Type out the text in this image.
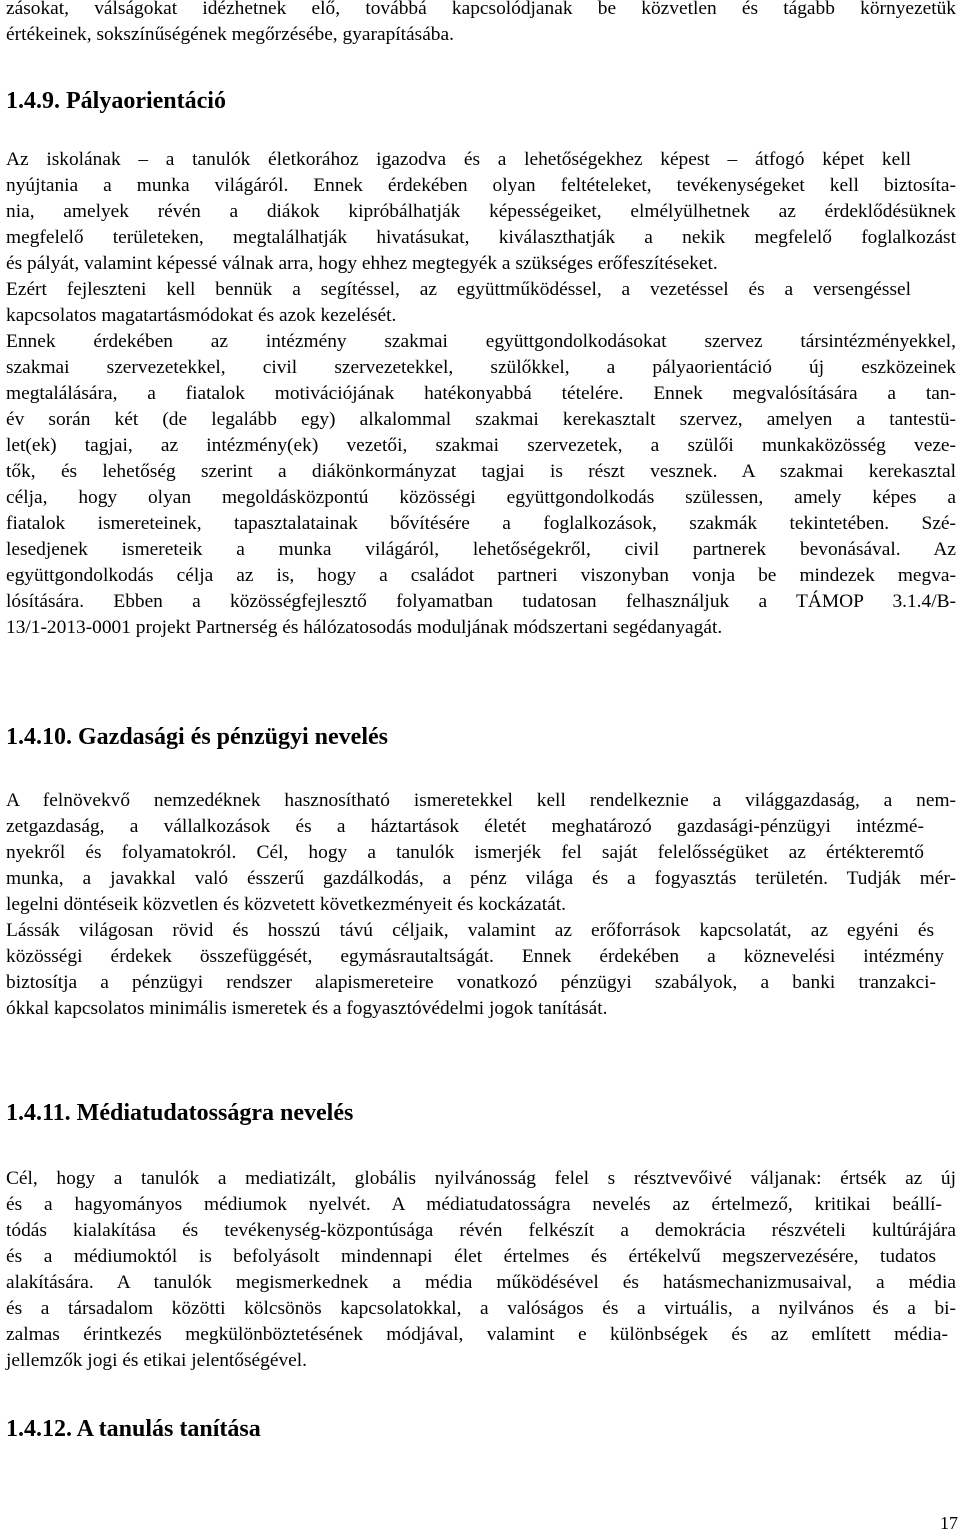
zásokat, válságokat idézhetnek elő, továbbá kapcsolódjanak be közvetlen és tágabb környezetük

értékeinek, sokszínűségének megőrzésébe, gyarapításába.

1.4.9. Pályaorientáció

Az iskolának – a tanulók életkorához igazodva és a lehetőségekhez képest – átfogó képet kell

nyújtania a munka világáról. Ennek érdekében olyan feltételeket, tevékenységeket kell biztosíta-

nia, amelyek révén a diákok kipróbálhatják képességeiket, elmélyülhetnek az érdeklődésüknek

megfelelő területeken, megtalálhatják hivatásukat, kiválaszthatják a nekik megfelelő foglalkozást

és pályát, valamint képessé válnak arra, hogy ehhez megtegyék a szükséges erőfeszítéseket.

Ezért fejleszteni kell bennük a segítéssel, az együttműködéssel, a vezetéssel és a versengéssel

kapcsolatos magatartásmódokat és azok kezelését.

Ennek érdekében az intézmény szakmai együttgondolkodásokat szervez társintézményekkel,

szakmai szervezetekkel, civil szervezetekkel, szülőkkel, a pályaorientáció új eszközeinek

megtalálására, a fiatalok motivációjának hatékonyabbá tételére. Ennek megvalósítására a tan-

év során két (de legalább egy) alkalommal szakmai kerekasztalt szervez, amelyen a tantestü-

let(ek) tagjai, az intézmény(ek) vezetői, szakmai szervezetek, a szülői munkaközösség veze-

tők, és lehetőség szerint a diákönkormányzat tagjai is részt vesznek. A szakmai kerekasztal

célja, hogy olyan megoldásközpontú közösségi együttgondolkodás szülessen, amely képes a

fiatalok ismereteinek, tapasztalatainak bővítésére a foglalkozások, szakmák tekintetében. Szé-

lesedjenek ismereteik a munka világáról, lehetőségekről, civil partnerek bevonásával. Az

együttgondolkodás célja az is, hogy a családot partneri viszonyban vonja be mindezek megva-

lósítására. Ebben a közösségfejlesztő folyamatban tudatosan felhasználjuk a TÁMOP 3.1.4/B-

13/1-2013-0001 projekt Partnerség és hálózatosodás moduljának módszertani segédanyagát.

1.4.10. Gazdasági és pénzügyi nevelés

A felnövekvő nemzedéknek hasznosítható ismeretekkel kell rendelkeznie a világgazdaság, a nem-

zetgazdaság, a vállalkozások és a háztartások életét meghatározó gazdasági-pénzügyi intézmé-

nyekről és folyamatokról. Cél, hogy a tanulók ismerjék fel saját felelősségüket az értékteremtő

munka, a javakkal való ésszerű gazdálkodás, a pénz világa és a fogyasztás területén. Tudják mér-

legelni döntéseik közvetlen és közvetett következményeit és kockázatát.

Lássák világosan rövid és hosszú távú céljaik, valamint az erőforrások kapcsolatát, az egyéni és

közösségi érdekek összefüggését, egymásrautaltságát. Ennek érdekében a köznevelési intézmény

biztosítja a pénzügyi rendszer alapismereteire vonatkozó pénzügyi szabályok, a banki tranzakci-

ókkal kapcsolatos minimális ismeretek és a fogyasztóvédelmi jogok tanítását.

1.4.11. Médiatudatosságra nevelés

Cél, hogy a tanulók a mediatizált, globális nyilvánosság felel s résztvevőivé váljanak: értsék az új

és a hagyományos médiumok nyelvét. A médiatudatosságra nevelés az értelmező, kritikai beállí-

tódás kialakítása és tevékenység-központúsága révén felkészít a demokrácia részvételi kultúrájára

és a médiumoktól is befolyásolt mindennapi élet értelmes és értékelvű megszervezésére, tudatos

alakítására. A tanulók megismerkednek a média működésével és hatásmechanizmusaival, a média

és a társadalom közötti kölcsönös kapcsolatokkal, a valóságos és a virtuális, a nyilvános és a bi-

zalmas érintkezés megkülönböztetésének módjával, valamint e különbségek és az említett média-

jellemzők jogi és etikai jelentőségével.

1.4.12. A tanulás tanítása
17
